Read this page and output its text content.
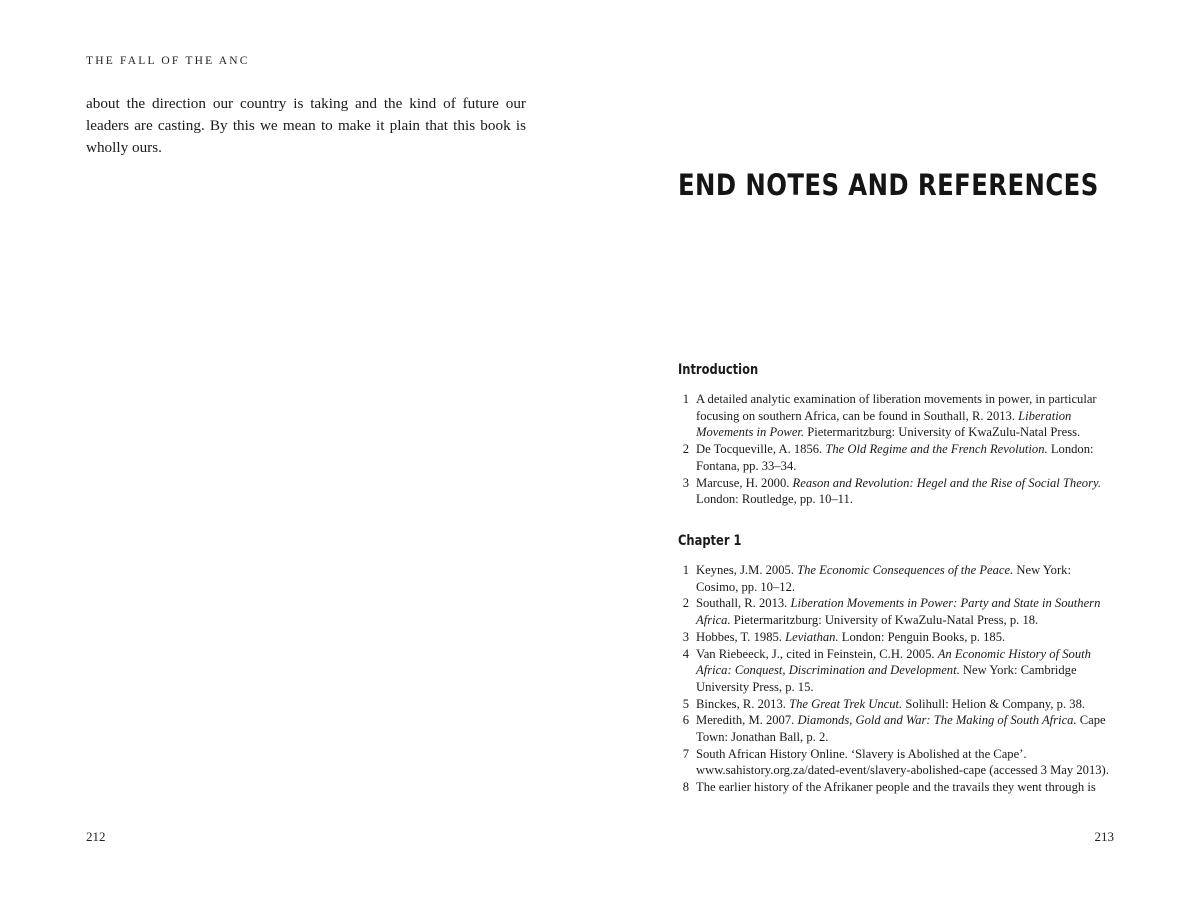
THE FALL OF THE ANC

about the direction our country is taking and the kind of future our leaders are casting. By this we mean to make it plain that this book is wholly ours.

212
END NOTES AND REFERENCES
Introduction
1 A detailed analytic examination of liberation movements in power, in particular focusing on southern Africa, can be found in Southall, R. 2013. Liberation Movements in Power. Pietermaritzburg: University of KwaZulu-Natal Press.
2 De Tocqueville, A. 1856. The Old Regime and the French Revolution. London: Fontana, pp. 33–34.
3 Marcuse, H. 2000. Reason and Revolution: Hegel and the Rise of Social Theory. London: Routledge, pp. 10–11.
Chapter 1
1 Keynes, J.M. 2005. The Economic Consequences of the Peace. New York: Cosimo, pp. 10–12.
2 Southall, R. 2013. Liberation Movements in Power: Party and State in Southern Africa. Pietermaritzburg: University of KwaZulu-Natal Press, p. 18.
3 Hobbes, T. 1985. Leviathan. London: Penguin Books, p. 185.
4 Van Riebeeck, J., cited in Feinstein, C.H. 2005. An Economic History of South Africa: Conquest, Discrimination and Development. New York: Cambridge University Press, p. 15.
5 Binckes, R. 2013. The Great Trek Uncut. Solihull: Helion & Company, p. 38.
6 Meredith, M. 2007. Diamonds, Gold and War: The Making of South Africa. Cape Town: Jonathan Ball, p. 2.
7 South African History Online. ‘Slavery is Abolished at the Cape’. www.sahistory.org.za/dated-event/slavery-abolished-cape (accessed 3 May 2013).
8 The earlier history of the Afrikaner people and the travails they went through is
213
